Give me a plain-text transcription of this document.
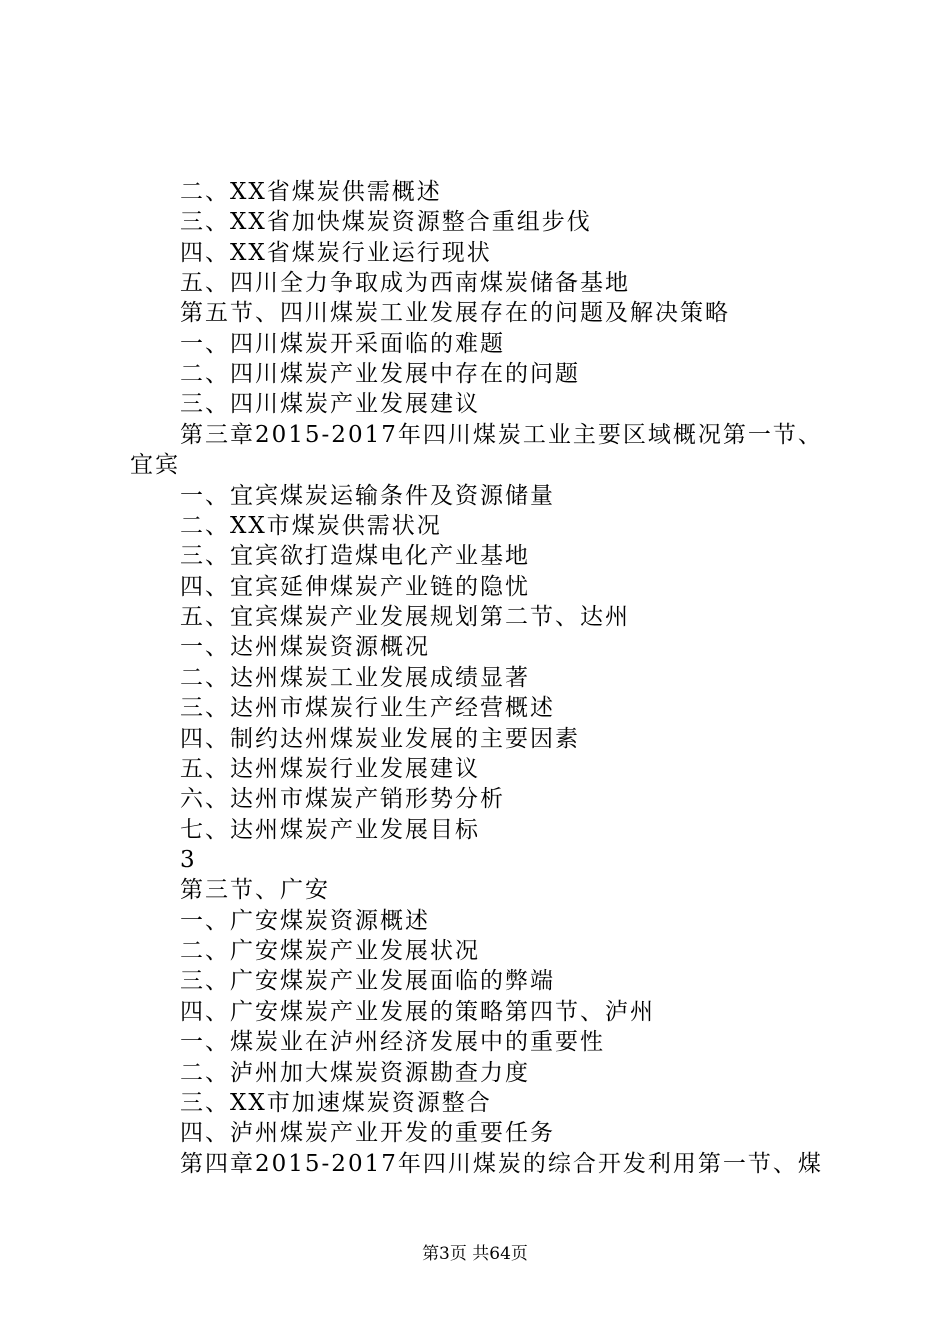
二、XX省煤炭供需概述
三、XX省加快煤炭资源整合重组步伐
四、XX省煤炭行业运行现状
五、四川全力争取成为西南煤炭储备基地
第五节、四川煤炭工业发展存在的问题及解决策略
一、四川煤炭开采面临的难题
二、四川煤炭产业发展中存在的问题
三、四川煤炭产业发展建议
第三章2015-2017年四川煤炭工业主要区域概况第一节、
宜宾
一、宜宾煤炭运输条件及资源储量
二、XX市煤炭供需状况
三、宜宾欲打造煤电化产业基地
四、宜宾延伸煤炭产业链的隐忧
五、宜宾煤炭产业发展规划第二节、达州
一、达州煤炭资源概况
二、达州煤炭工业发展成绩显著
三、达州市煤炭行业生产经营概述
四、制约达州煤炭业发展的主要因素
五、达州煤炭行业发展建议
六、达州市煤炭产销形势分析
七、达州煤炭产业发展目标
3
第三节、广安
一、广安煤炭资源概述
二、广安煤炭产业发展状况
三、广安煤炭产业发展面临的弊端
四、广安煤炭产业发展的策略第四节、泸州
一、煤炭业在泸州经济发展中的重要性
二、泸州加大煤炭资源勘查力度
三、XX市加速煤炭资源整合
四、泸州煤炭产业开发的重要任务
第四章2015-2017年四川煤炭的综合开发利用第一节、煤
第3页 共64页
